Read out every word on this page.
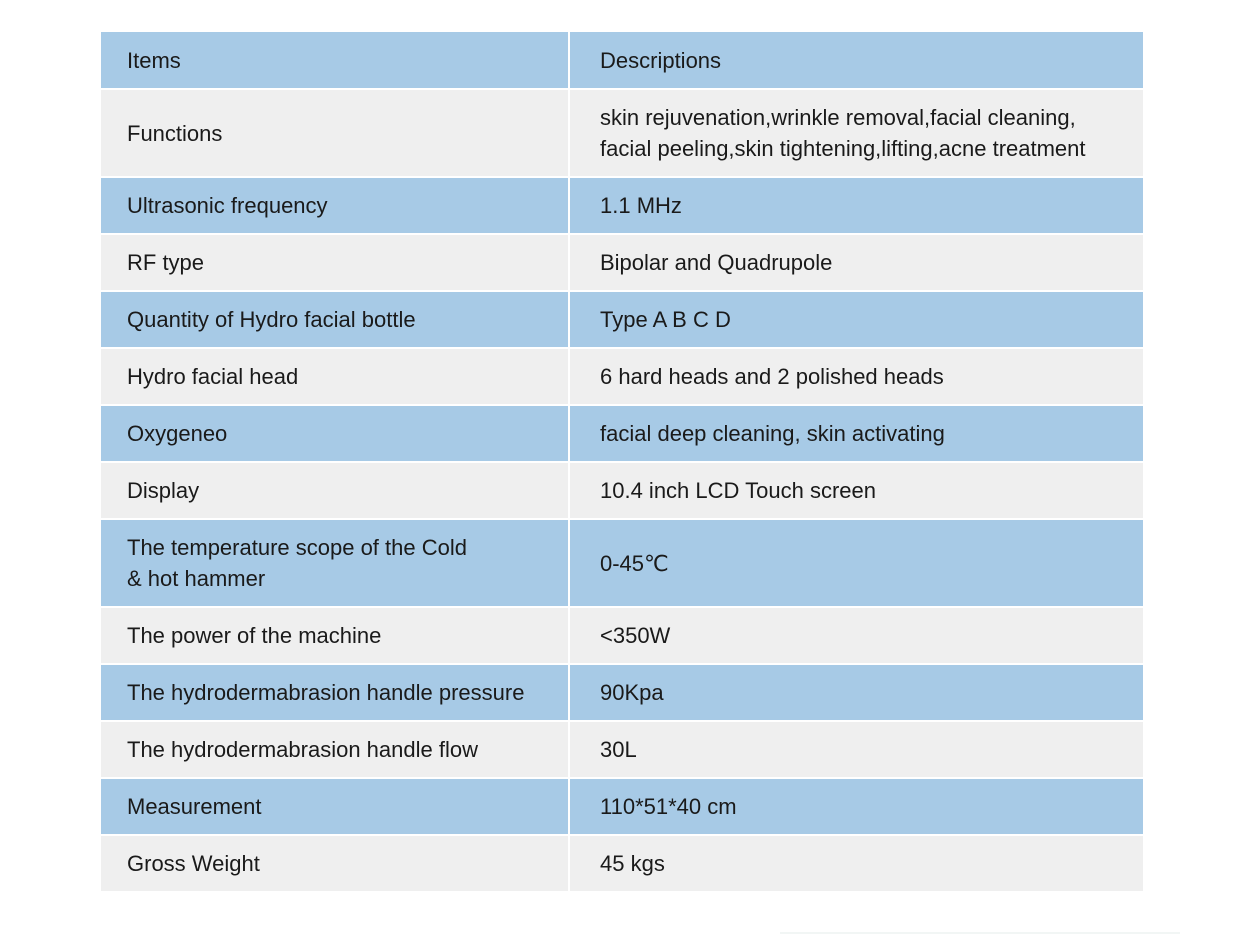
Items	Descriptions

Functions	skin rejuvenation,wrinkle removal,facial cleaning,
facial peeling,skin tightening,lifting,acne treatment

Ultrasonic frequency	1.1 MHz

RF type	Bipolar and Quadrupole

Quantity of Hydro facial bottle	Type A B C D

Hydro facial head	6 hard heads and 2 polished heads

Oxygeneo	facial deep cleaning, skin activating

Display	10.4 inch LCD Touch screen

The temperature scope of the Cold
& hot hammer	0-45℃

The power of the machine	<350W

The hydrodermabrasion handle pressure	90Kpa

The hydrodermabrasion handle flow	30L

Measurement	110*51*40 cm

Gross Weight	45 kgs
